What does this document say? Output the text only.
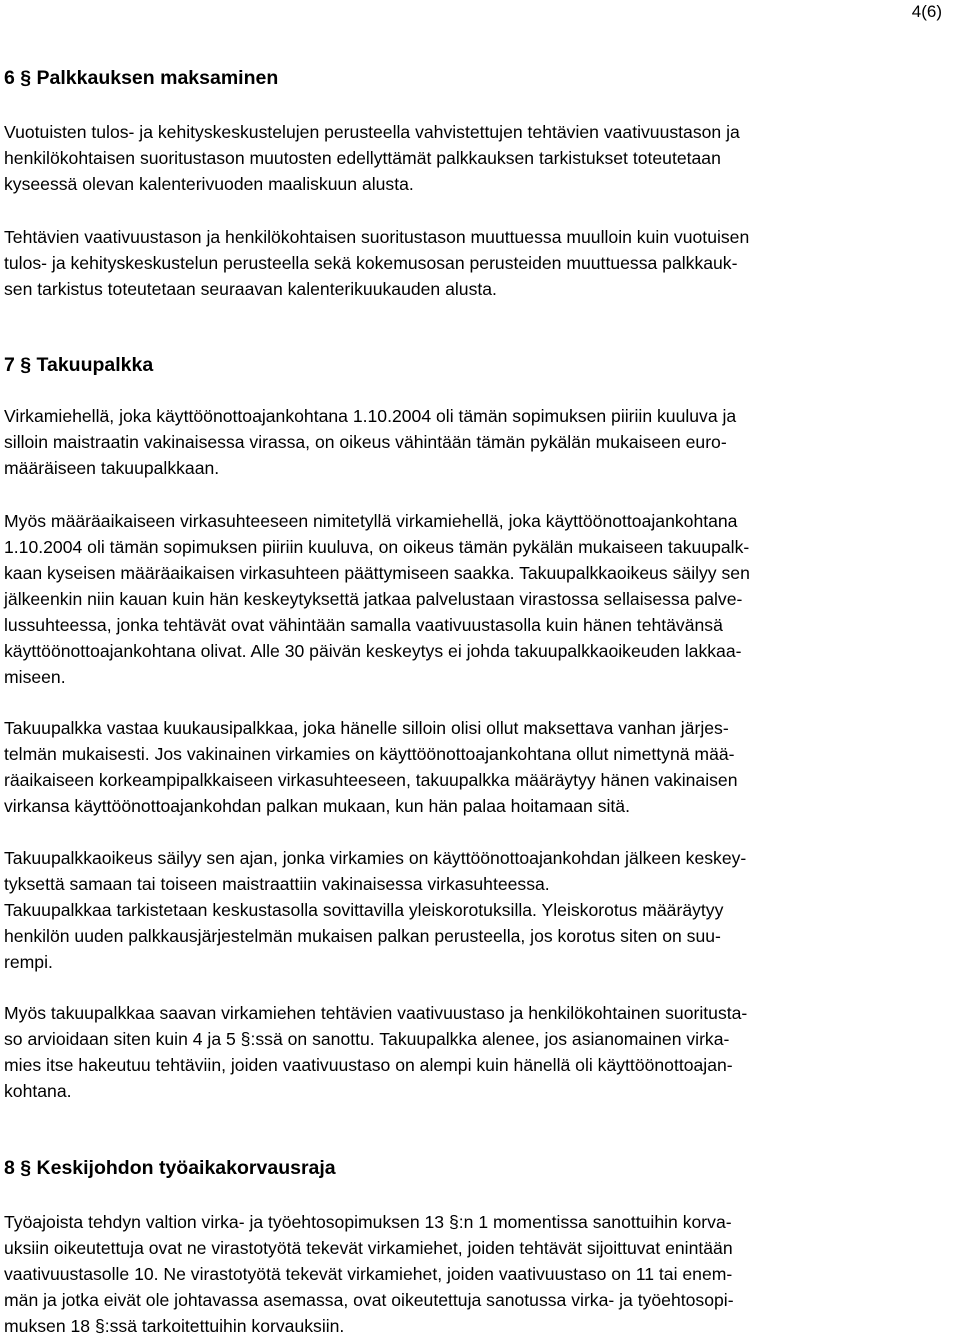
4(6)
6 § Palkkauksen maksaminen
Vuotuisten tulos- ja kehityskeskustelujen perusteella vahvistettujen tehtävien vaativuustason ja
henkilökohtaisen suoritustason muutosten edellyttämät palkkauksen tarkistukset toteutetaan
kyseessä olevan kalenterivuoden maaliskuun alusta.
Tehtävien vaativuustason ja henkilökohtaisen suoritustason muuttuessa muulloin kuin vuotuisen
tulos- ja kehityskeskustelun perusteella sekä kokemusosan perusteiden muuttuessa palkkauk-
sen tarkistus toteutetaan seuraavan kalenterikuukauden alusta.
7 § Takuupalkka
Virkamiehellä, joka käyttöönottoajankohtana 1.10.2004 oli tämän sopimuksen piiriin kuuluva ja
silloin maistraatin vakinaisessa virassa, on oikeus vähintään tämän pykälän mukaiseen euro-
määräiseen takuupalkkaan.
Myös määräaikaiseen virkasuhteeseen nimitetyllä virkamiehellä, joka käyttöönottoajankohtana
1.10.2004 oli tämän sopimuksen piiriin kuuluva, on oikeus tämän pykälän mukaiseen takuupalk-
kaan kyseisen määräaikaisen virkasuhteen päättymiseen saakka. Takuupalkkaoikeus säilyy sen
jälkeenkin niin kauan kuin hän keskeytyksettä jatkaa palvelustaan virastossa sellaisessa palve-
lussuhteessa, jonka tehtävät ovat vähintään samalla vaativuustasolla kuin hänen tehtävänsä
käyttöönottoajankohtana olivat. Alle 30 päivän keskeytys ei johda takuupalkkaoikeuden lakkaa-
miseen.
Takuupalkka vastaa kuukausipalkkaa, joka hänelle silloin olisi ollut maksettava vanhan järjes-
telmän mukaisesti. Jos vakinainen virkamies on käyttöönottoajankohtana ollut nimettynä mää-
räaikaiseen korkeampipalkkaiseen virkasuhteeseen, takuupalkka määräytyy hänen vakinaisen
virkansa käyttöönottoajankohdan palkan mukaan, kun hän palaa hoitamaan sitä.
Takuupalkkaoikeus säilyy sen ajan, jonka virkamies on käyttöönottoajankohdan jälkeen keskey-
tyksettä samaan tai toiseen maistraattiin vakinaisessa virkasuhteessa.
Takuupalkkaa tarkistetaan keskustasolla sovittavilla yleiskorotuksilla. Yleiskorotus määräytyy
henkilön uuden palkkausjärjestelmän mukaisen palkan perusteella, jos korotus siten on suu-
rempi.
Myös takuupalkkaa saavan virkamiehen tehtävien vaativuustaso ja henkilökohtainen suoritusta-
so arvioidaan siten kuin 4 ja 5 §:ssä on sanottu. Takuupalkka alenee, jos asianomainen virka-
mies itse hakeutuu tehtäviin, joiden vaativuustaso on alempi kuin hänellä oli käyttöönottoajan-
kohtana.
8 § Keskijohdon työaikakorvausraja
Työajoista tehdyn valtion virka- ja työehtosopimuksen 13 §:n 1 momentissa sanottuihin korva-
uksiin oikeutettuja ovat ne virastotyötä tekevät virkamiehet, joiden tehtävät sijoittuvat enintään
vaativuustasolle 10. Ne virastotyötä tekevät virkamiehet, joiden vaativuustaso on 11 tai enem-
män ja jotka eivät ole johtavassa asemassa, ovat oikeutettuja sanotussa virka- ja työehtosopi-
muksen 18 §:ssä tarkoitettuihin korvauksiin.
